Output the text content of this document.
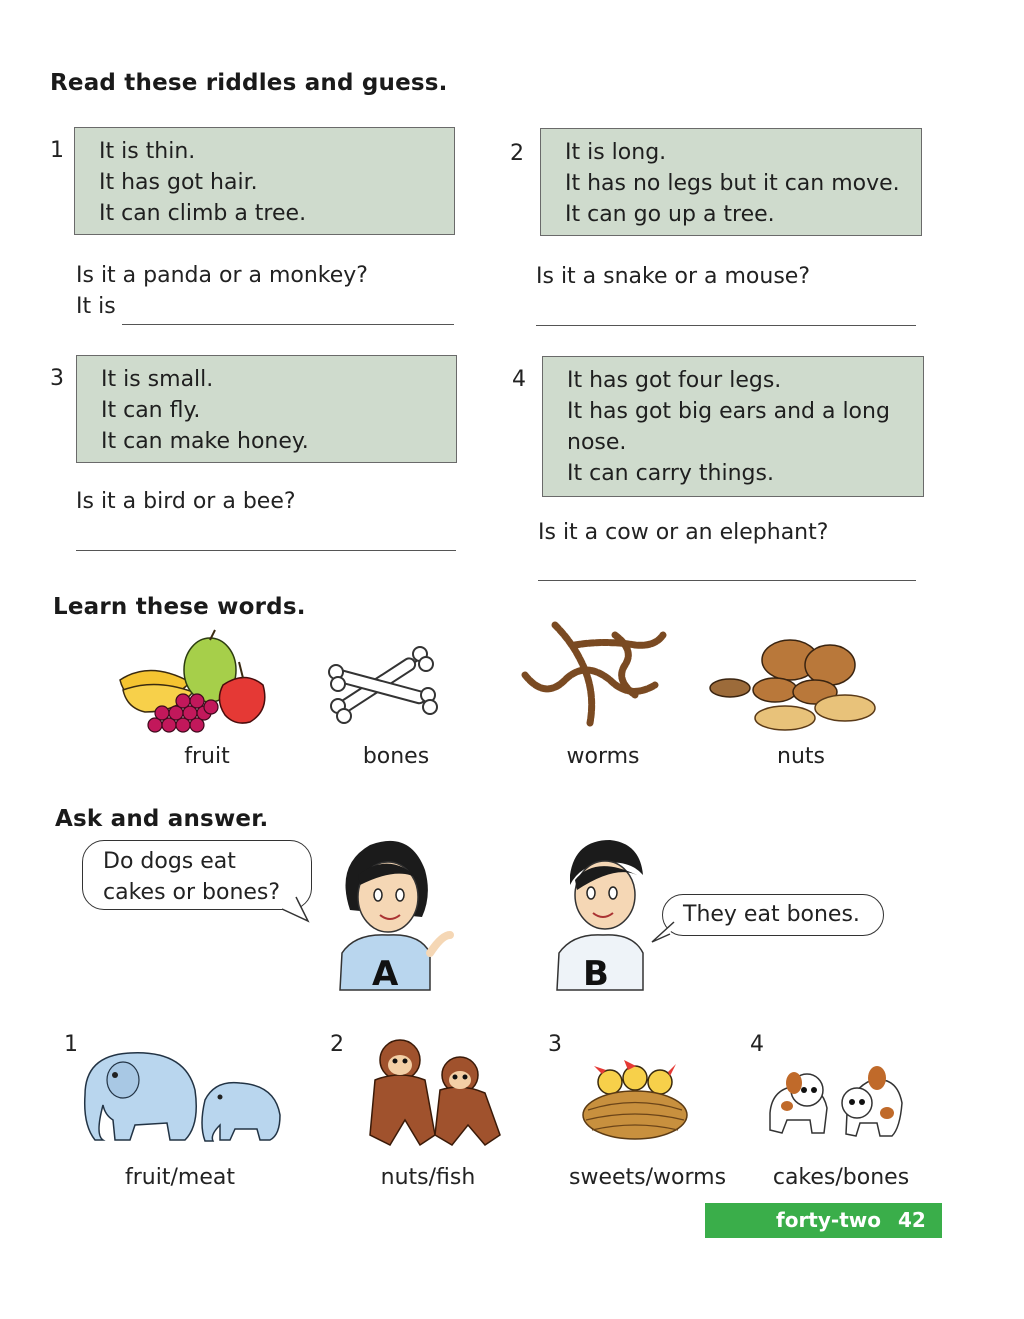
Read these riddles and guess.
1 It is thin.
It has got hair.
It can climb a tree.
Is it a panda or a monkey?
It is
2 It is long.
It has no legs but it can move.
It can go up a tree.
Is it a snake or a mouse?
3 It is small.
It can fly.
It can make honey.
Is it a bird or a bee?
4 It has got four legs.
It has got big ears and a long
nose.
It can carry things.
Is it a cow or an elephant?
Learn these words.
fruit	bones	worms	nuts
Ask and answer.
Do dogs eat
cakes or bones?
A	B
They eat bones.
1
fruit/meat
2
nuts/fish
3
sweets/worms
4
cakes/bones
forty-two 42
